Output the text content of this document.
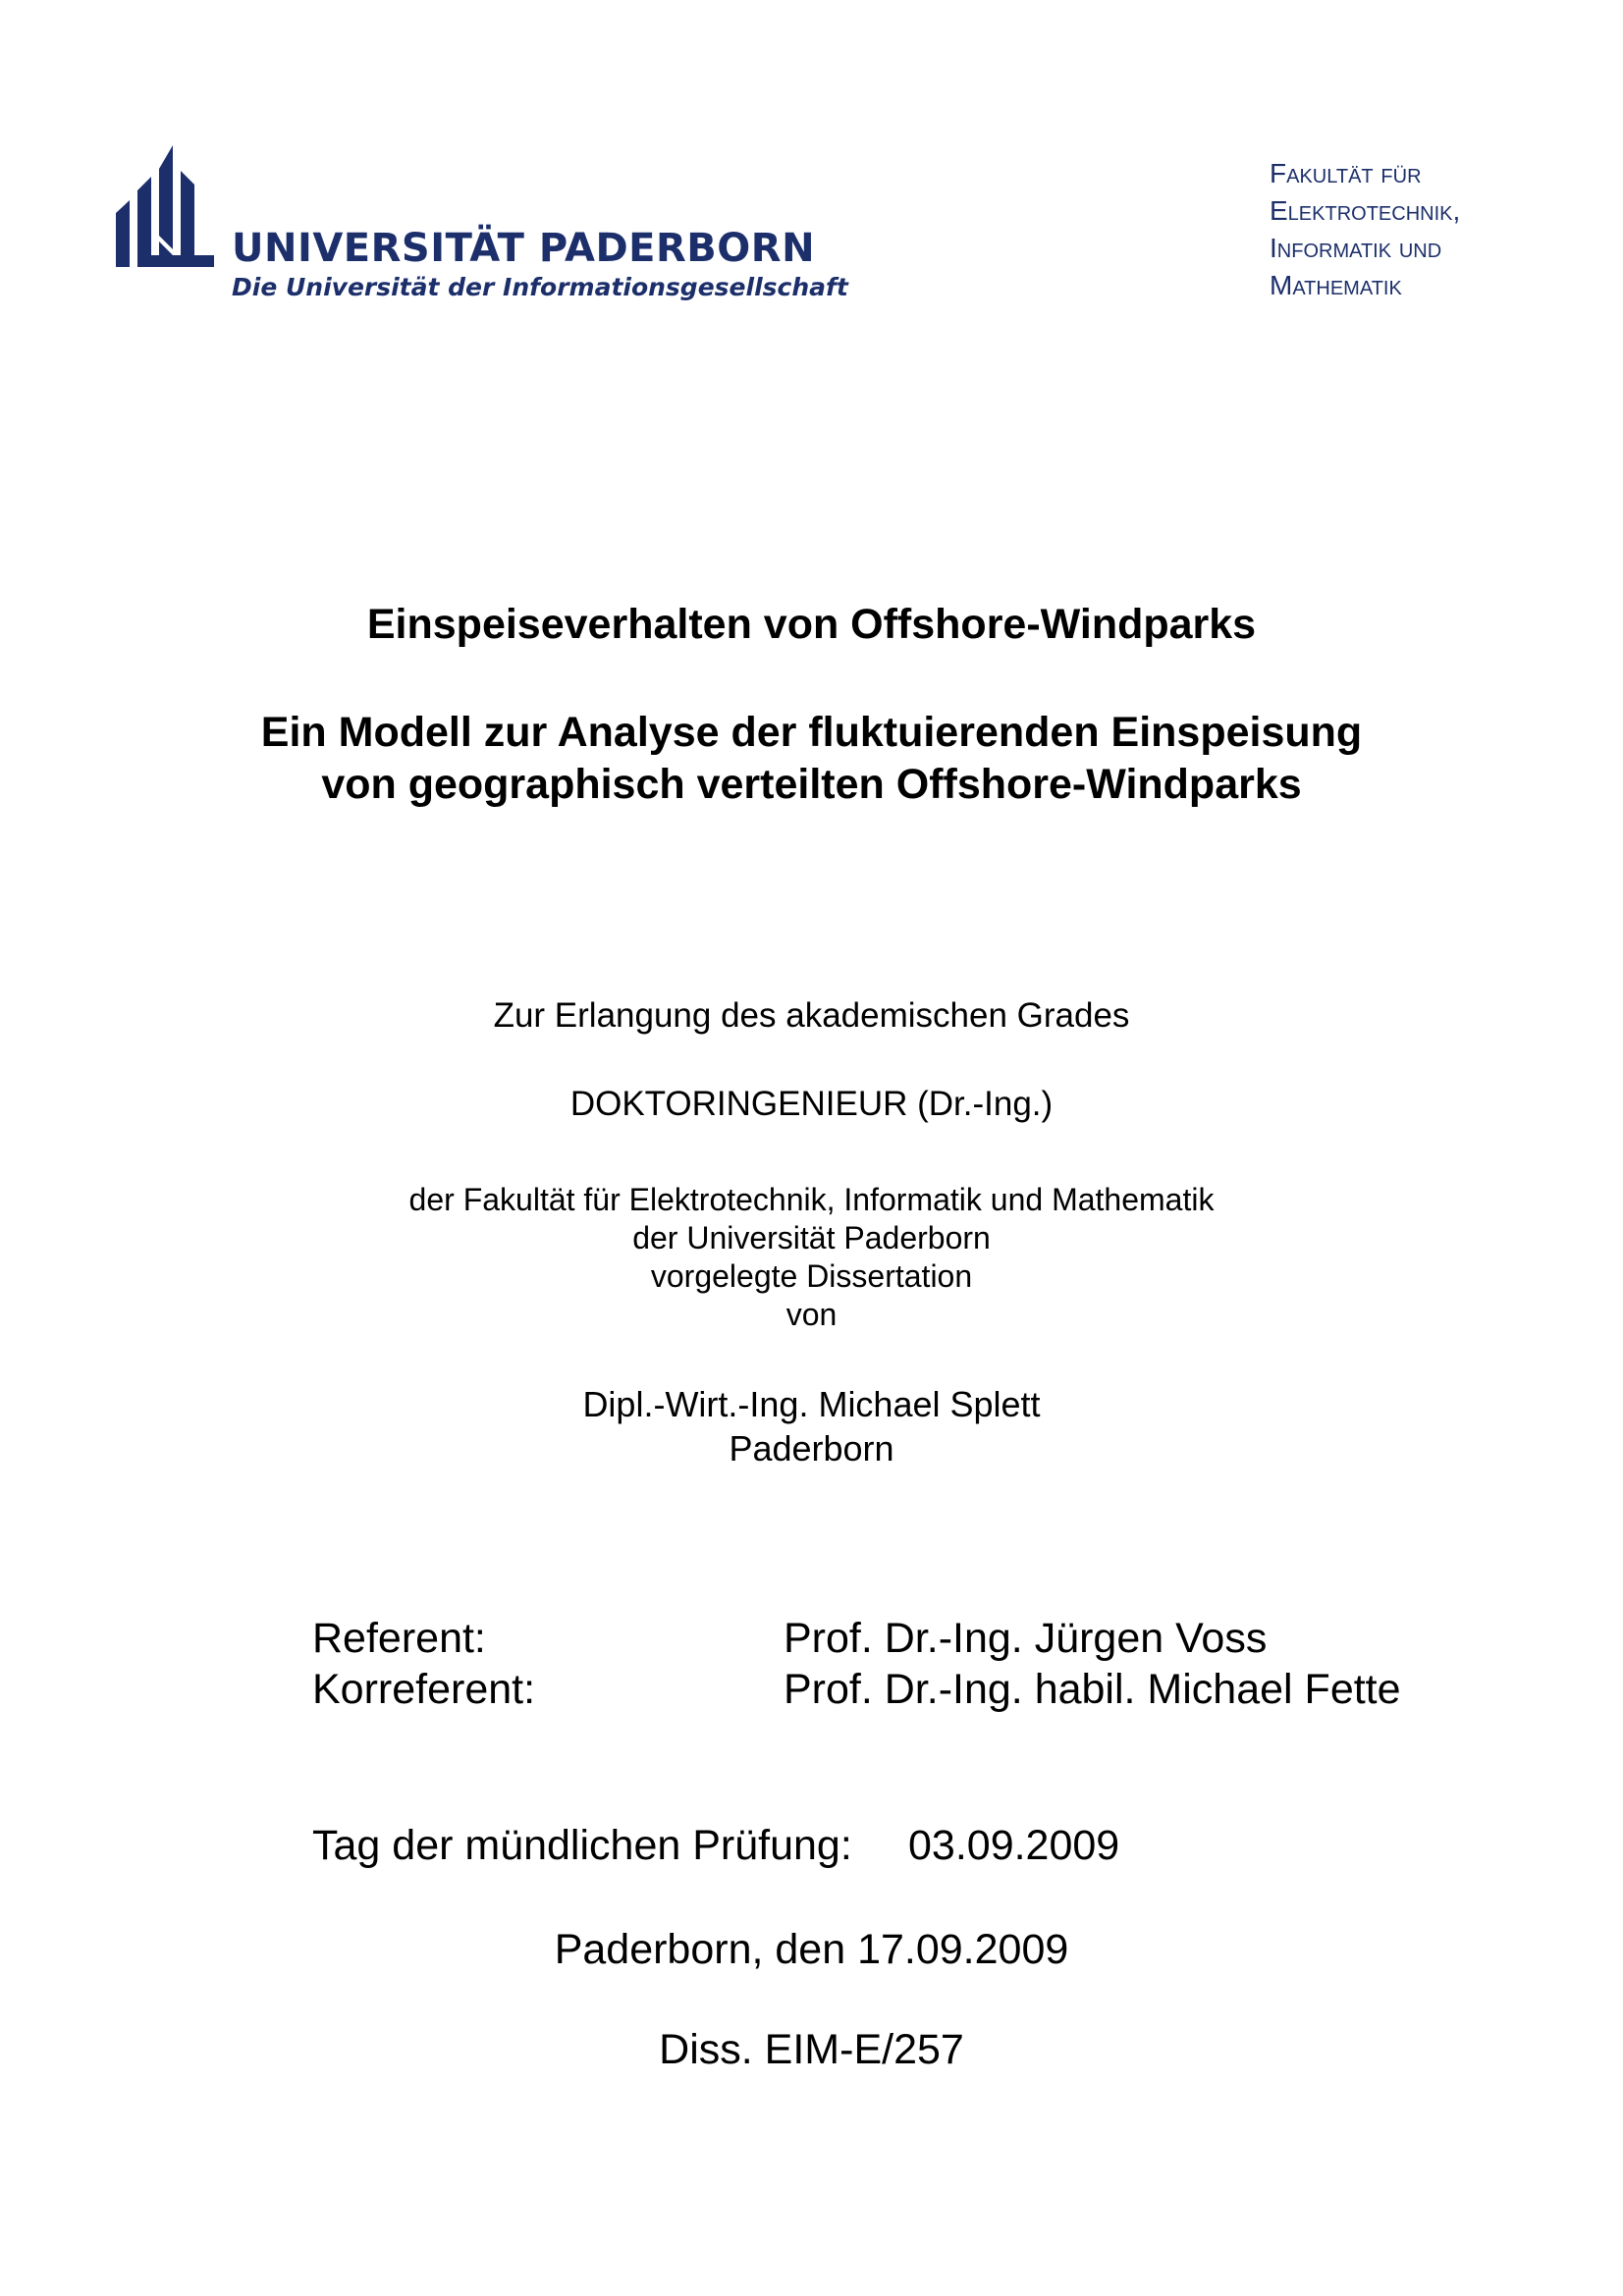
UNIVERSITÄT PADERBORN
Die Universität der Informationsgesellschaft
Fakultät für
Elektrotechnik,
Informatik und
Mathematik
Einspeiseverhalten von Offshore-Windparks
Ein Modell zur Analyse der fluktuierenden Einspeisung
von geographisch verteilten Offshore-Windparks
Zur Erlangung des akademischen Grades
DOKTORINGENIEUR (Dr.-Ing.)
der Fakultät für Elektrotechnik, Informatik und Mathematik
der Universität Paderborn
vorgelegte Dissertation
von
Dipl.-Wirt.-Ing. Michael Splett
Paderborn
Referent:	Prof. Dr.-Ing. Jürgen Voss
Korreferent:	Prof. Dr.-Ing. habil. Michael Fette
Tag der mündlichen Prüfung: 03.09.2009
Paderborn, den 17.09.2009
Diss. EIM-E/257
